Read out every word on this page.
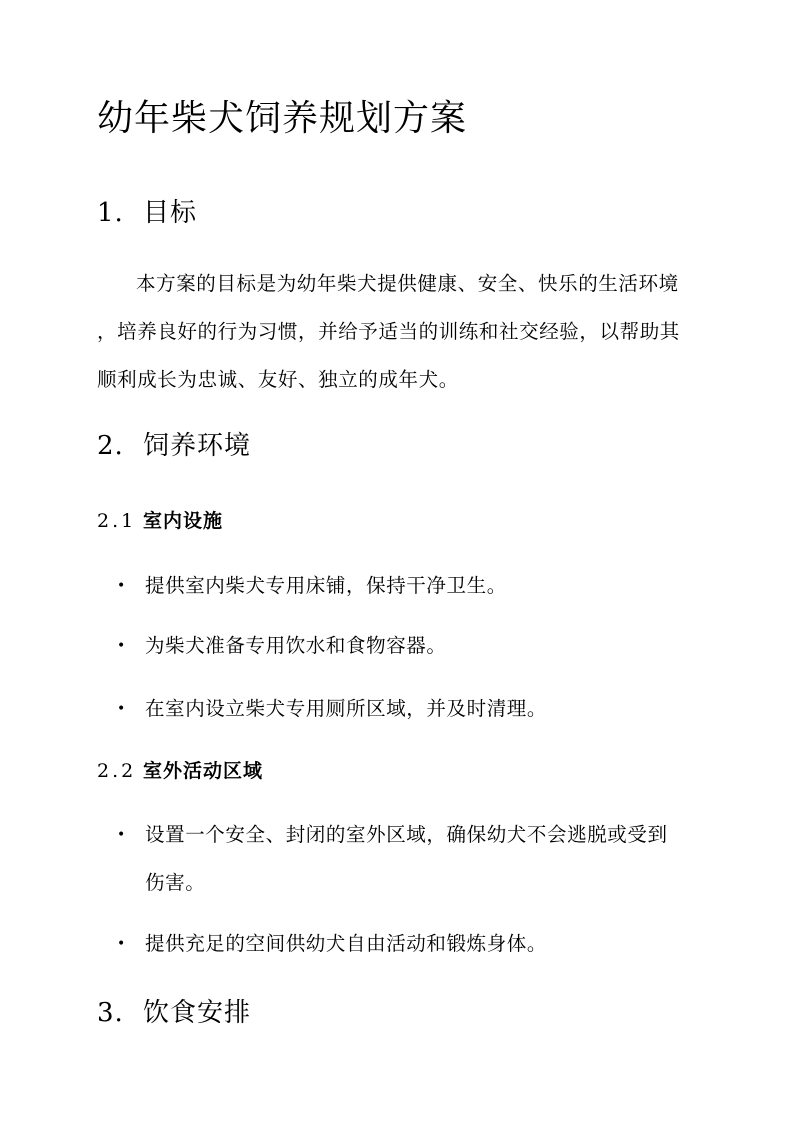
幼年柴犬饲养规划方案
1. 目标
本方案的目标是为幼年柴犬提供健康、安全、快乐的生活环境
，培养良好的行为习惯，并给予适当的训练和社交经验，以帮助其
顺利成长为忠诚、友好、独立的成年犬。
2. 饲养环境
2.1 室内设施
•	提供室内柴犬专用床铺，保持干净卫生。
•	为柴犬准备专用饮水和食物容器。
•	在室内设立柴犬专用厕所区域，并及时清理。
2.2 室外活动区域
•	设置一个安全、封闭的室外区域，确保幼犬不会逃脱或受到
伤害。
•	提供充足的空间供幼犬自由活动和锻炼身体。
3. 饮食安排
